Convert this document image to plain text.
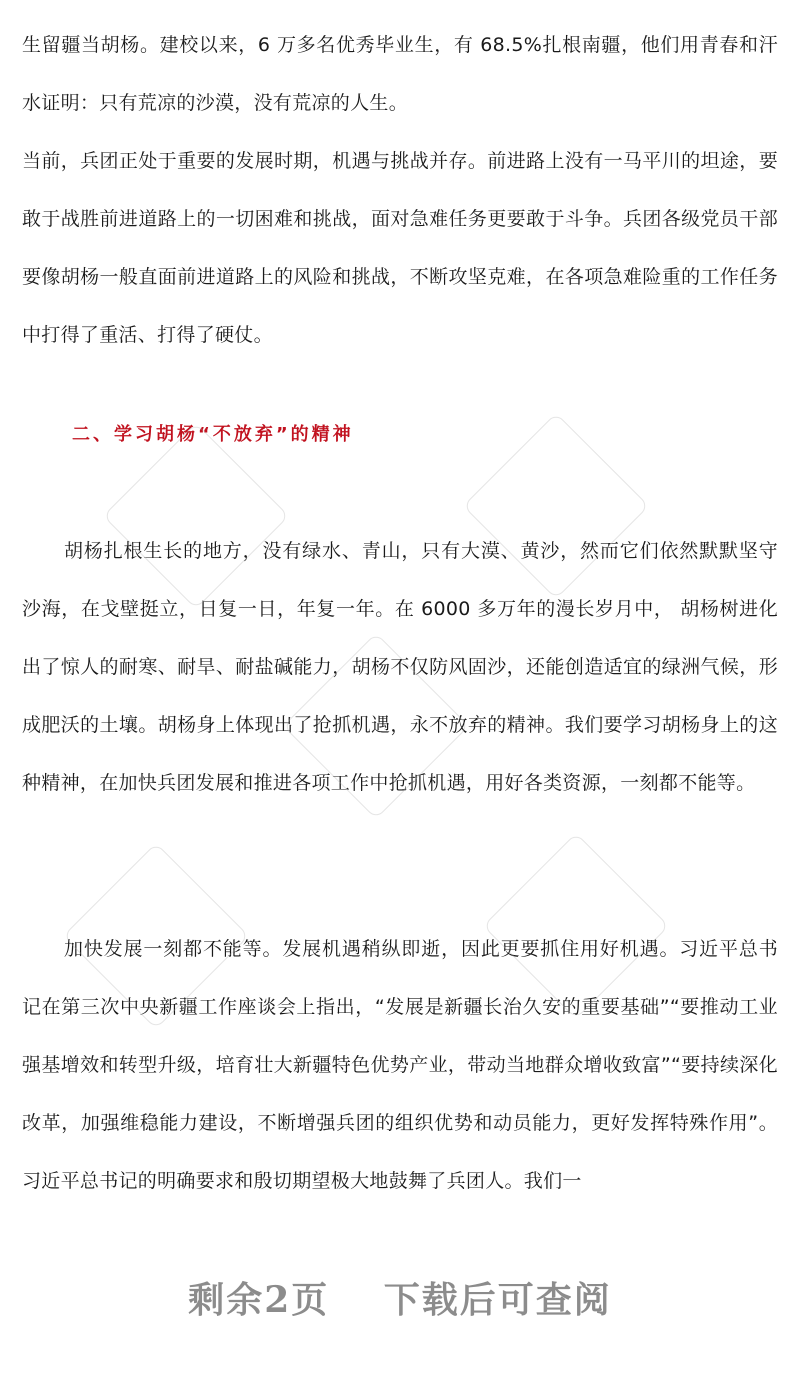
生留疆当胡杨。建校以来，6 万多名优秀毕业生，有 68.5%扎根南疆，他们用青春和汗水证明：只有荒凉的沙漠，没有荒凉的人生。

当前，兵团正处于重要的发展时期，机遇与挑战并存。前进路上没有一马平川的坦途，要敢于战胜前进道路上的一切困难和挑战，面对急难任务更要敢于斗争。兵团各级党员干部要像胡杨一般直面前进道路上的风险和挑战，不断攻坚克难，在各项急难险重的工作任务中打得了重活、打得了硬仗。

二、学习胡杨“不放弃”的精神

胡杨扎根生长的地方，没有绿水、青山，只有大漠、黄沙，然而它们依然默默坚守沙海，在戈壁挺立，日复一日，年复一年。在 6000 多万年的漫长岁月中， 胡杨树进化出了惊人的耐寒、耐旱、耐盐碱能力，胡杨不仅防风固沙，还能创造适宜的绿洲气候，形成肥沃的土壤。胡杨身上体现出了抢抓机遇，永不放弃的精神。我们要学习胡杨身上的这种精神，在加快兵团发展和推进各项工作中抢抓机遇，用好各类资源，一刻都不能等。

加快发展一刻都不能等。发展机遇稍纵即逝，因此更要抓住用好机遇。习近平总书记在第三次中央新疆工作座谈会上指出，“发展是新疆长治久安的重要基础”“要推动工业强基增效和转型升级，培育壮大新疆特色优势产业，带动当地群众增收致富”“要持续深化改革，加强维稳能力建设，不断增强兵团的组织优势和动员能力，更好发挥特殊作用”。习近平总书记的明确要求和殷切期望极大地鼓舞了兵团人。我们一

剩余2页 下载后可查阅
